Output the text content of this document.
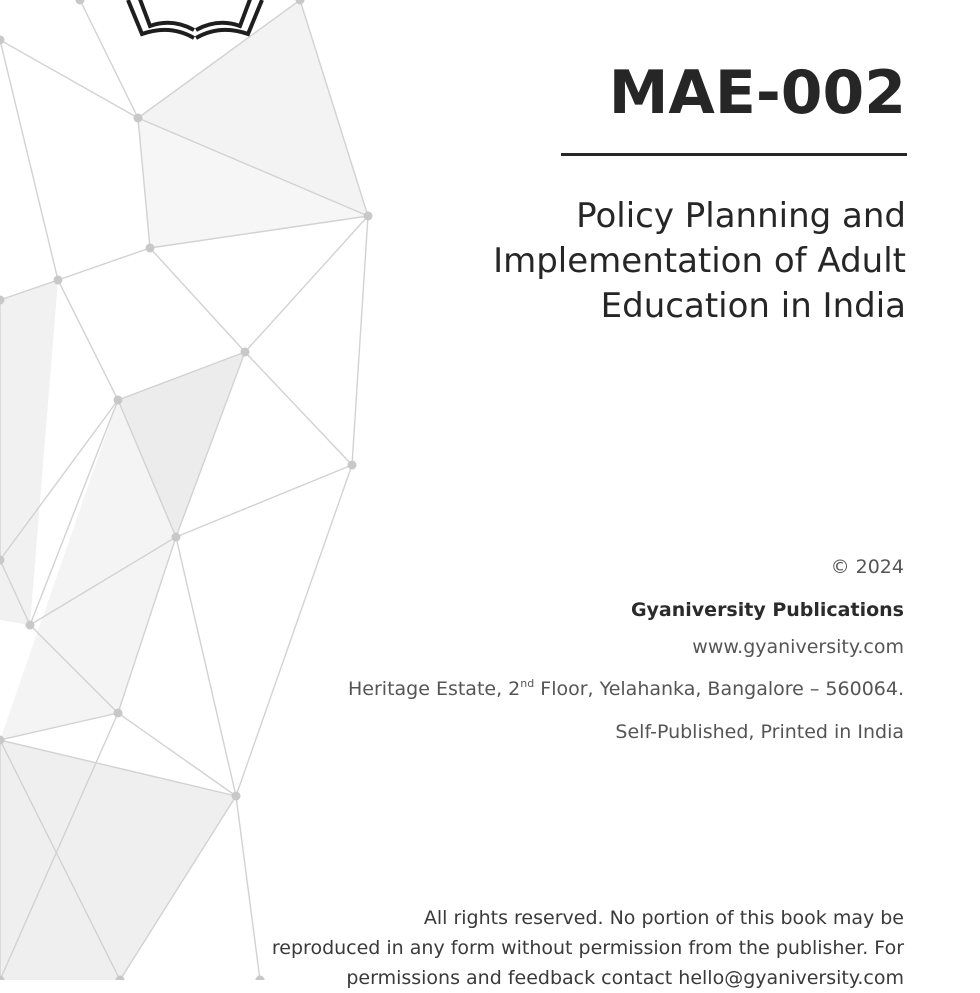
MAE-002
Policy Planning and
Implementation of Adult
Education in India
© 2024
Gyaniversity Publications
www.gyaniversity.com
Heritage Estate, 2nd Floor, Yelahanka, Bangalore – 560064.
Self-Published, Printed in India
All rights reserved. No portion of this book may be
reproduced in any form without permission from the publisher. For
permissions and feedback contact hello@gyaniversity.com
